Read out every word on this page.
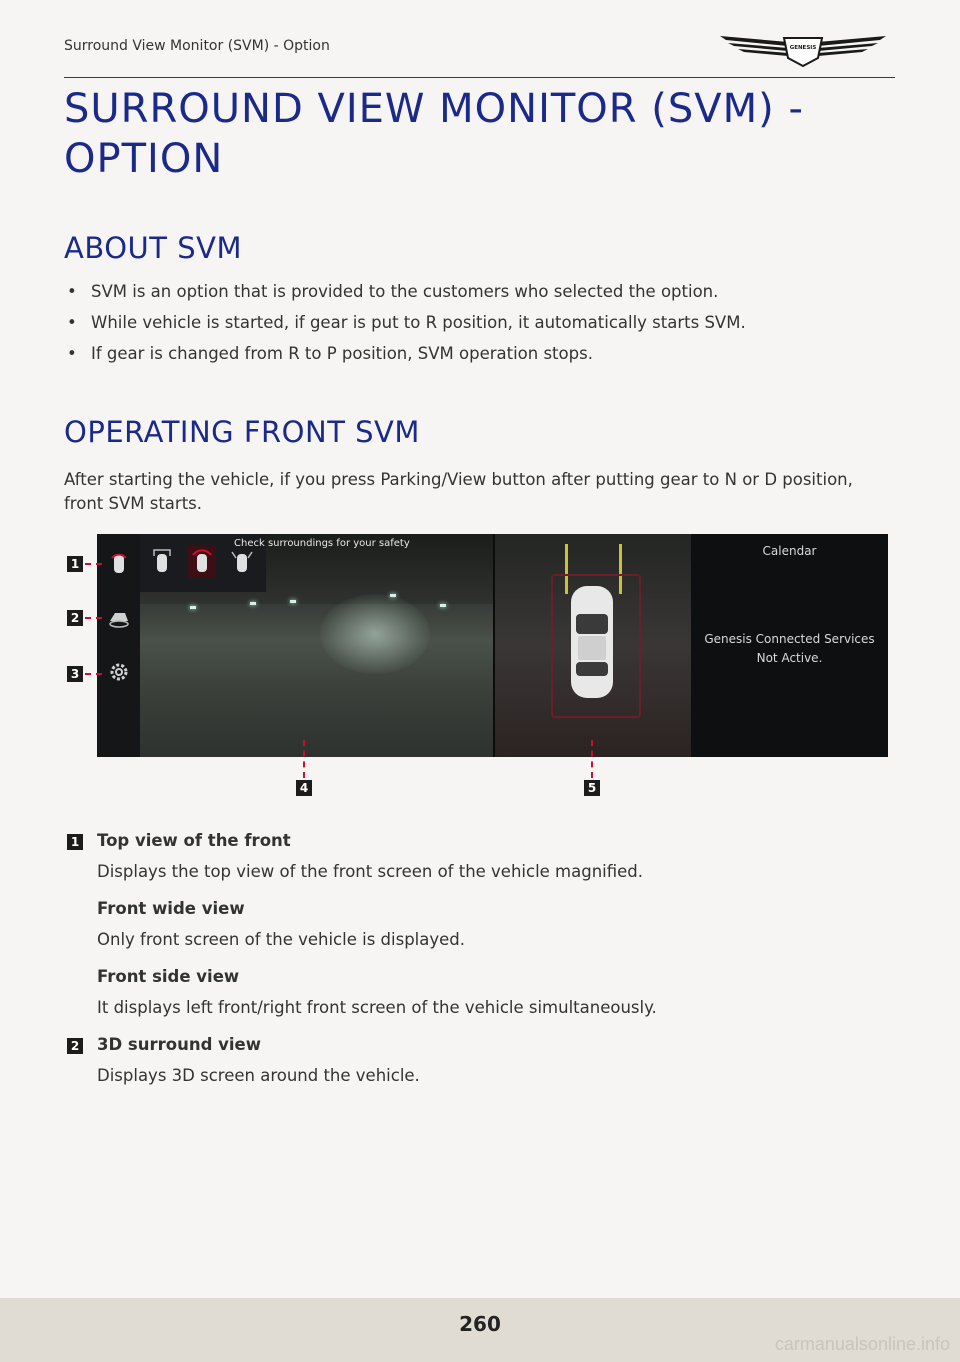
Surround View Monitor (SVM) - Option	GENESIS
SURROUND VIEW MONITOR (SVM) - OPTION
ABOUT SVM
• SVM is an option that is provided to the customers who selected the option.
• While vehicle is started, if gear is put to R position, it automatically starts SVM.
• If gear is changed from R to P position, SVM operation stops.
OPERATING FRONT SVM
After starting the vehicle, if you press Parking/View button after putting gear to N or D position, front SVM starts.
Calendar
Genesis Connected Services
Not Active.
Check surroundings for your safety
1
2
3
4	5
1 Top view of the front

Displays the top view of the front screen of the vehicle magnified.

Front wide view

Only front screen of the vehicle is displayed.

Front side view

It displays left front/right front screen of the vehicle simultaneously.

2 3D surround view

Displays 3D screen around the vehicle.

260
carmanualsonline.info
